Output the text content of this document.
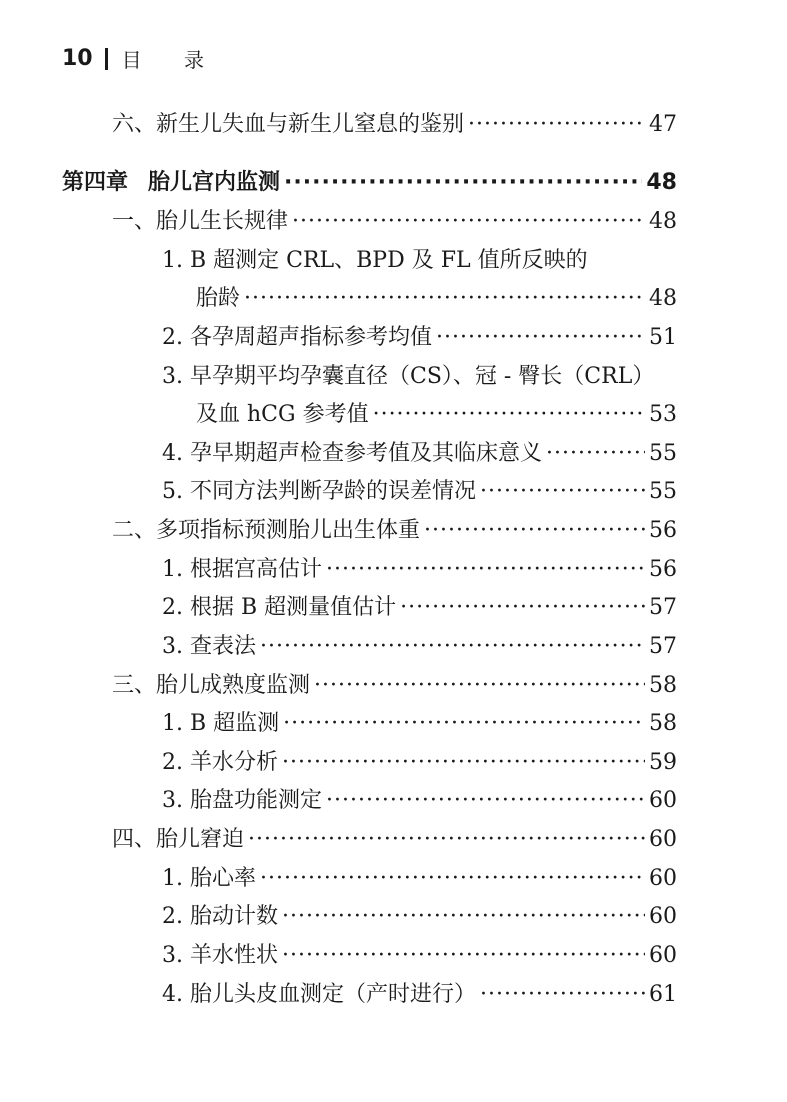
10 目 录
六、新生儿失血与新生儿窒息的鉴别 ·····	47
第四章 胎儿宫内监测 ·····	48
一、胎儿生长规律 ·····	48
1. B 超测定 CRL、BPD 及 FL 值所反映的
胎龄 ·····	48
2. 各孕周超声指标参考均值 ·····	51
3. 早孕期平均孕囊直径（CS）、冠 - 臀长（CRL）
及血 hCG 参考值 ·····	53
4. 孕早期超声检查参考值及其临床意义 ·····	55
5. 不同方法判断孕龄的误差情况 ·····	55
二、多项指标预测胎儿出生体重 ·····	56
1. 根据宫高估计 ·····	56
2. 根据 B 超测量值估计 ·····	57
3. 查表法 ·····	57
三、胎儿成熟度监测 ·····	58
1. B 超监测 ·····	58
2. 羊水分析 ·····	59
3. 胎盘功能测定 ·····	60
四、胎儿窘迫 ·····	60
1. 胎心率 ·····	60
2. 胎动计数 ·····	60
3. 羊水性状 ·····	60
4. 胎儿头皮血测定（产时进行） ·····	61
